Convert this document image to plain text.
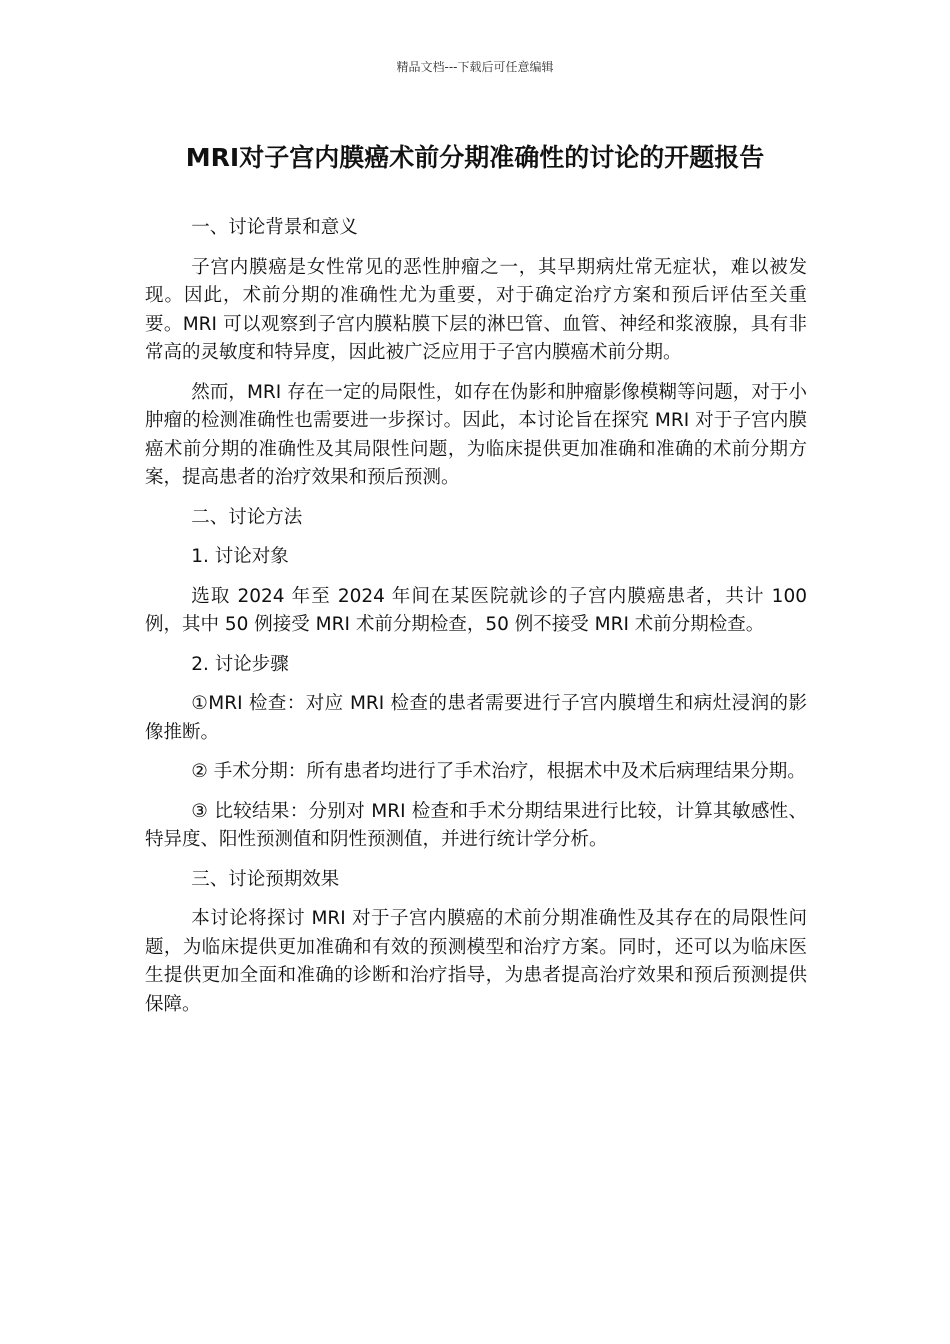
精品文档---下载后可任意编辑
MRI对子宫内膜癌术前分期准确性的讨论的开题报告

一、讨论背景和意义

子宫内膜癌是女性常见的恶性肿瘤之一，其早期病灶常无症状，难以被发现。因此，术前分期的准确性尤为重要，对于确定治疗方案和预后评估至关重要。MRI 可以观察到子宫内膜粘膜下层的淋巴管、血管、神经和浆液腺，具有非常高的灵敏度和特异度，因此被广泛应用于子宫内膜癌术前分期。

然而，MRI 存在一定的局限性，如存在伪影和肿瘤影像模糊等问题，对于小肿瘤的检测准确性也需要进一步探讨。因此，本讨论旨在探究 MRI 对于子宫内膜癌术前分期的准确性及其局限性问题，为临床提供更加准确和准确的术前分期方案，提高患者的治疗效果和预后预测。

二、讨论方法

1. 讨论对象

选取 2024 年至 2024 年间在某医院就诊的子宫内膜癌患者，共计 100 例，其中 50 例接受 MRI 术前分期检查，50 例不接受 MRI 术前分期检查。

2. 讨论步骤

①MRI 检查：对应 MRI 检查的患者需要进行子宫内膜增生和病灶浸润的影像推断。

② 手术分期：所有患者均进行了手术治疗，根据术中及术后病理结果分期。

③ 比较结果：分别对 MRI 检查和手术分期结果进行比较，计算其敏感性、特异度、阳性预测值和阴性预测值，并进行统计学分析。

三、讨论预期效果

本讨论将探讨 MRI 对于子宫内膜癌的术前分期准确性及其存在的局限性问题，为临床提供更加准确和有效的预测模型和治疗方案。同时，还可以为临床医生提供更加全面和准确的诊断和治疗指导，为患者提高治疗效果和预后预测提供保障。
